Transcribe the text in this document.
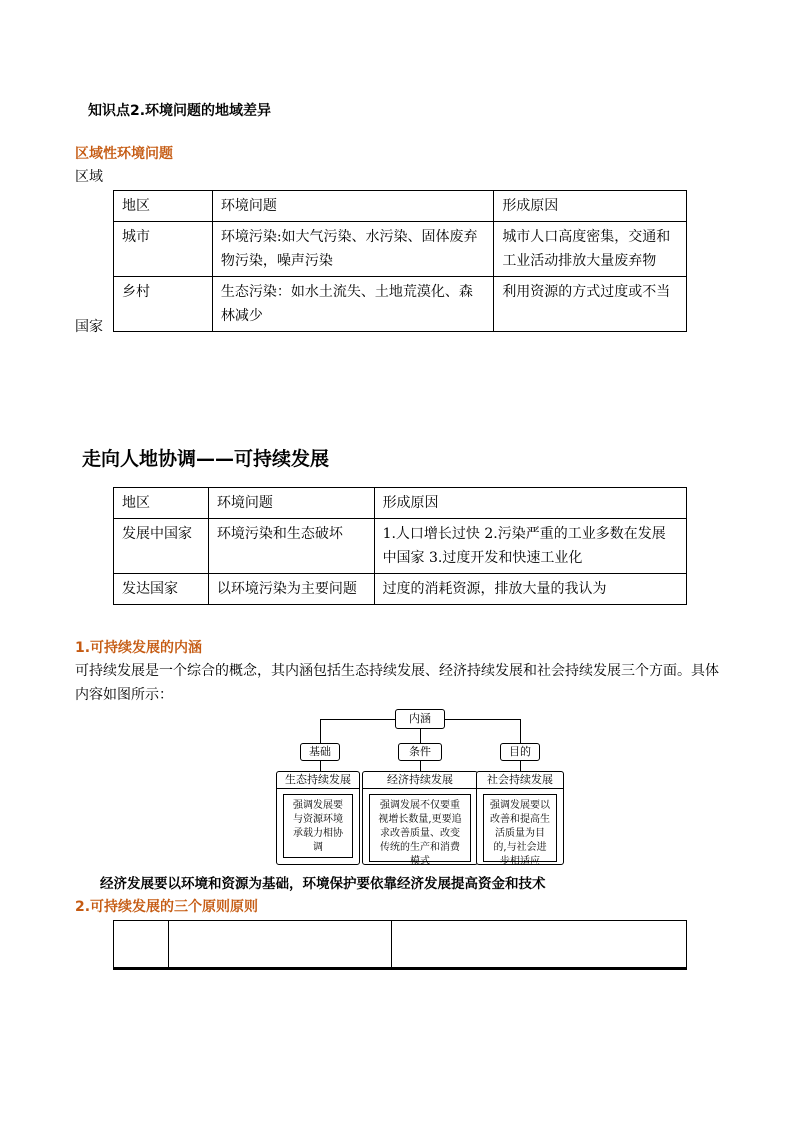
知识点2.环境问题的地域差异
区域性环境问题
区域
地区	环境问题	形成原因
城市	环境污染:如大气污染、水污染、固体废弃物污染，噪声污染	城市人口高度密集，交通和工业活动排放大量废弃物
乡村	生态污染：如水土流失、土地荒漠化、森林减少	利用资源的方式过度或不当
国家
走向人地协调——可持续发展
地区	环境问题	形成原因
发展中国家	环境污染和生态破坏	1.人口增长过快 2.污染严重的工业多数在发展中国家 3.过度开发和快速工业化
发达国家	以环境污染为主要问题	过度的消耗资源，排放大量的我认为
1.可持续发展的内涵
可持续发展是一个综合的概念，其内涵包括生态持续发展、经济持续发展和社会持续发展三个方面。具体内容如图所示：
内涵
基础	条件	目的
生态持续发展
强调发展要与资源环境承载力相协调
经济持续发展
强调发展不仅要重视增长数量,更要追求改善质量、改变传统的生产和消费模式
社会持续发展
强调发展要以改善和提高生活质量为目的,与社会进步相适应
经济发展要以环境和资源为基础，环境保护要依靠经济发展提高资金和技术
2.可持续发展的三个原则原则
